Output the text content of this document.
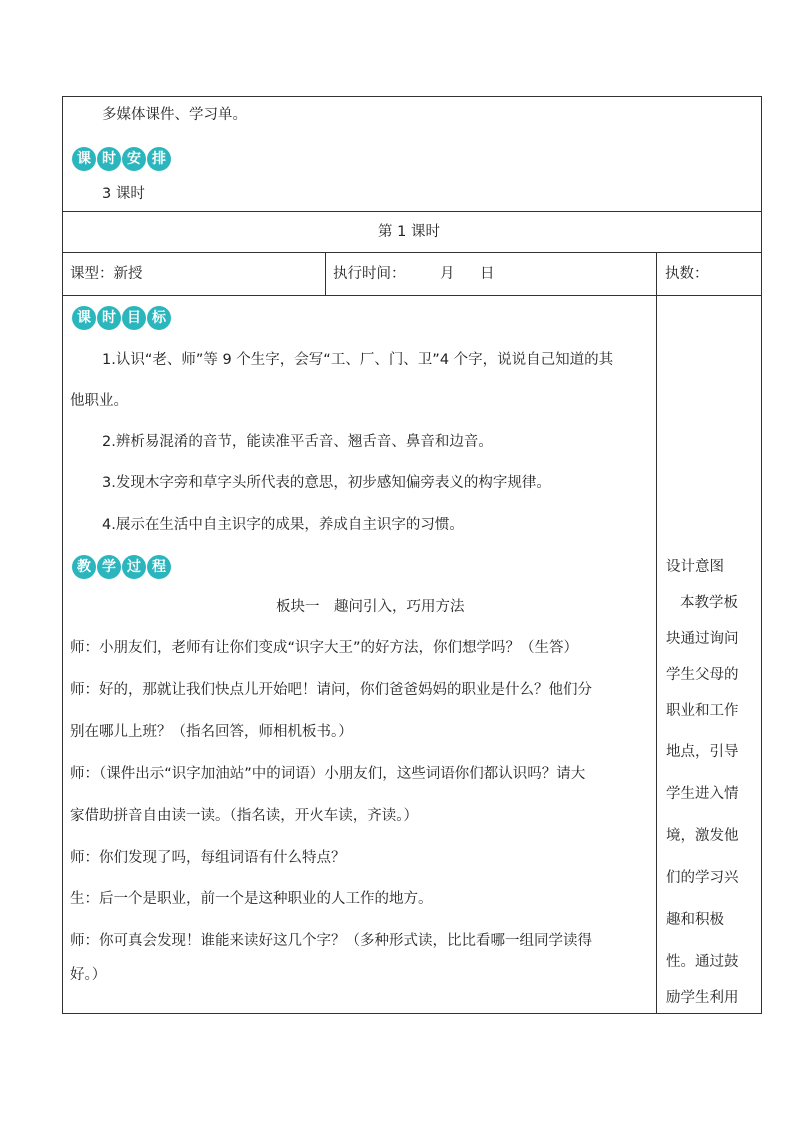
多媒体课件、学习单。
课 时 安 排
3 课时
第 1 课时
课型：新授	执行时间： 月 日	执数：
课 时 目 标
1.认识“老、师”等 9 个生字，会写“工、厂、门、卫”4 个字，说说自己知道的其
他职业。
2.辨析易混淆的音节，能读准平舌音、翘舌音、鼻音和边音。
3.发现木字旁和草字头所代表的意思，初步感知偏旁表义的构字规律。
4.展示在生活中自主识字的成果，养成自主识字的习惯。
教 学 过 程
板块一　趣问引入，巧用方法
师：小朋友们，老师有让你们变成“识字大王”的好方法，你们想学吗？（生答）
师：好的，那就让我们快点儿开始吧！请问，你们爸爸妈妈的职业是什么？他们分
别在哪儿上班？（指名回答，师相机板书。）
师：（课件出示“识字加油站”中的词语）小朋友们，这些词语你们都认识吗？请大
家借助拼音自由读一读。（指名读，开火车读，齐读。）
师：你们发现了吗，每组词语有什么特点？
生：后一个是职业，前一个是这种职业的人工作的地方。
师：你可真会发现！谁能来读好这几个字？（多种形式读，比比看哪一组同学读得
好。）
设计意图
本教学板
块通过询问
学生父母的
职业和工作
地点，引导
学生进入情
境，激发他
们的学习兴
趣和积极
性。通过鼓
励学生利用
